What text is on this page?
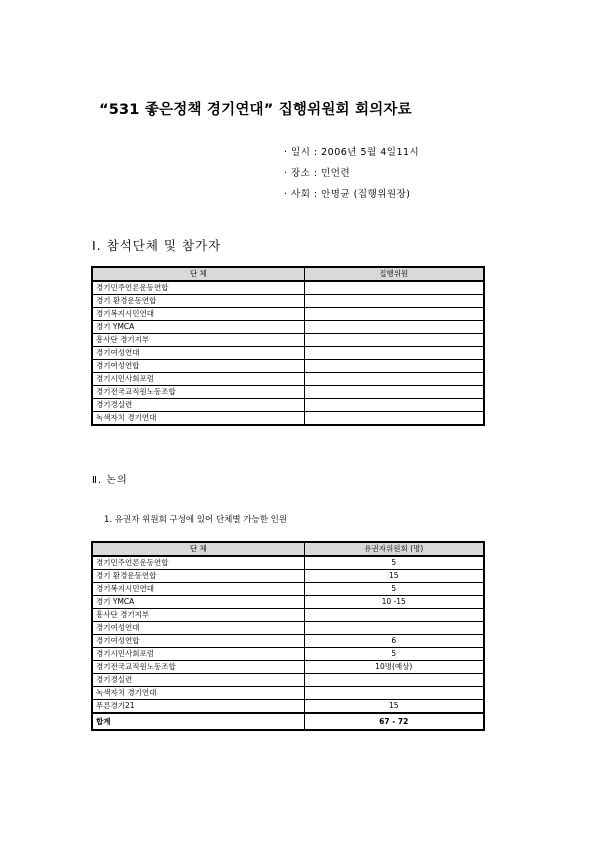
“531 좋은정책 경기연대” 집행위원회 회의자료
· 일시 : 2006년 5월 4일11시
· 장소 : 민언련
· 사회 : 안명균 (집행위원장)
Ⅰ. 참석단체 및 참가자
단 체	집행위원
경기민주언론운동연합	
경기 환경운동연합	
경기복지시민연대	
경기 YMCA	
흥사단 경기지부	
경기여성연대	
경기여성연합	
경기시민사회포럼	
경기전국교직원노동조합	
경기경실련	
녹색자치 경기연대	
Ⅱ. 논의
1. 유권자 위원회 구성에 있어 단체별 가능한 인원
단 체	유권자위원회 (명)
경기민주언론운동연합	5
경기 환경운동연합	15
경기복지시민연대	5
경기 YMCA	10 -15
흥사단 경기지부	
경기여성연대	
경기여성연합	6
경기시민사회포럼	5
경기전국교직원노동조합	10명(예상)
경기경실련	
녹색자치 경기연대	
푸른경기21	15
합계	67 - 72
